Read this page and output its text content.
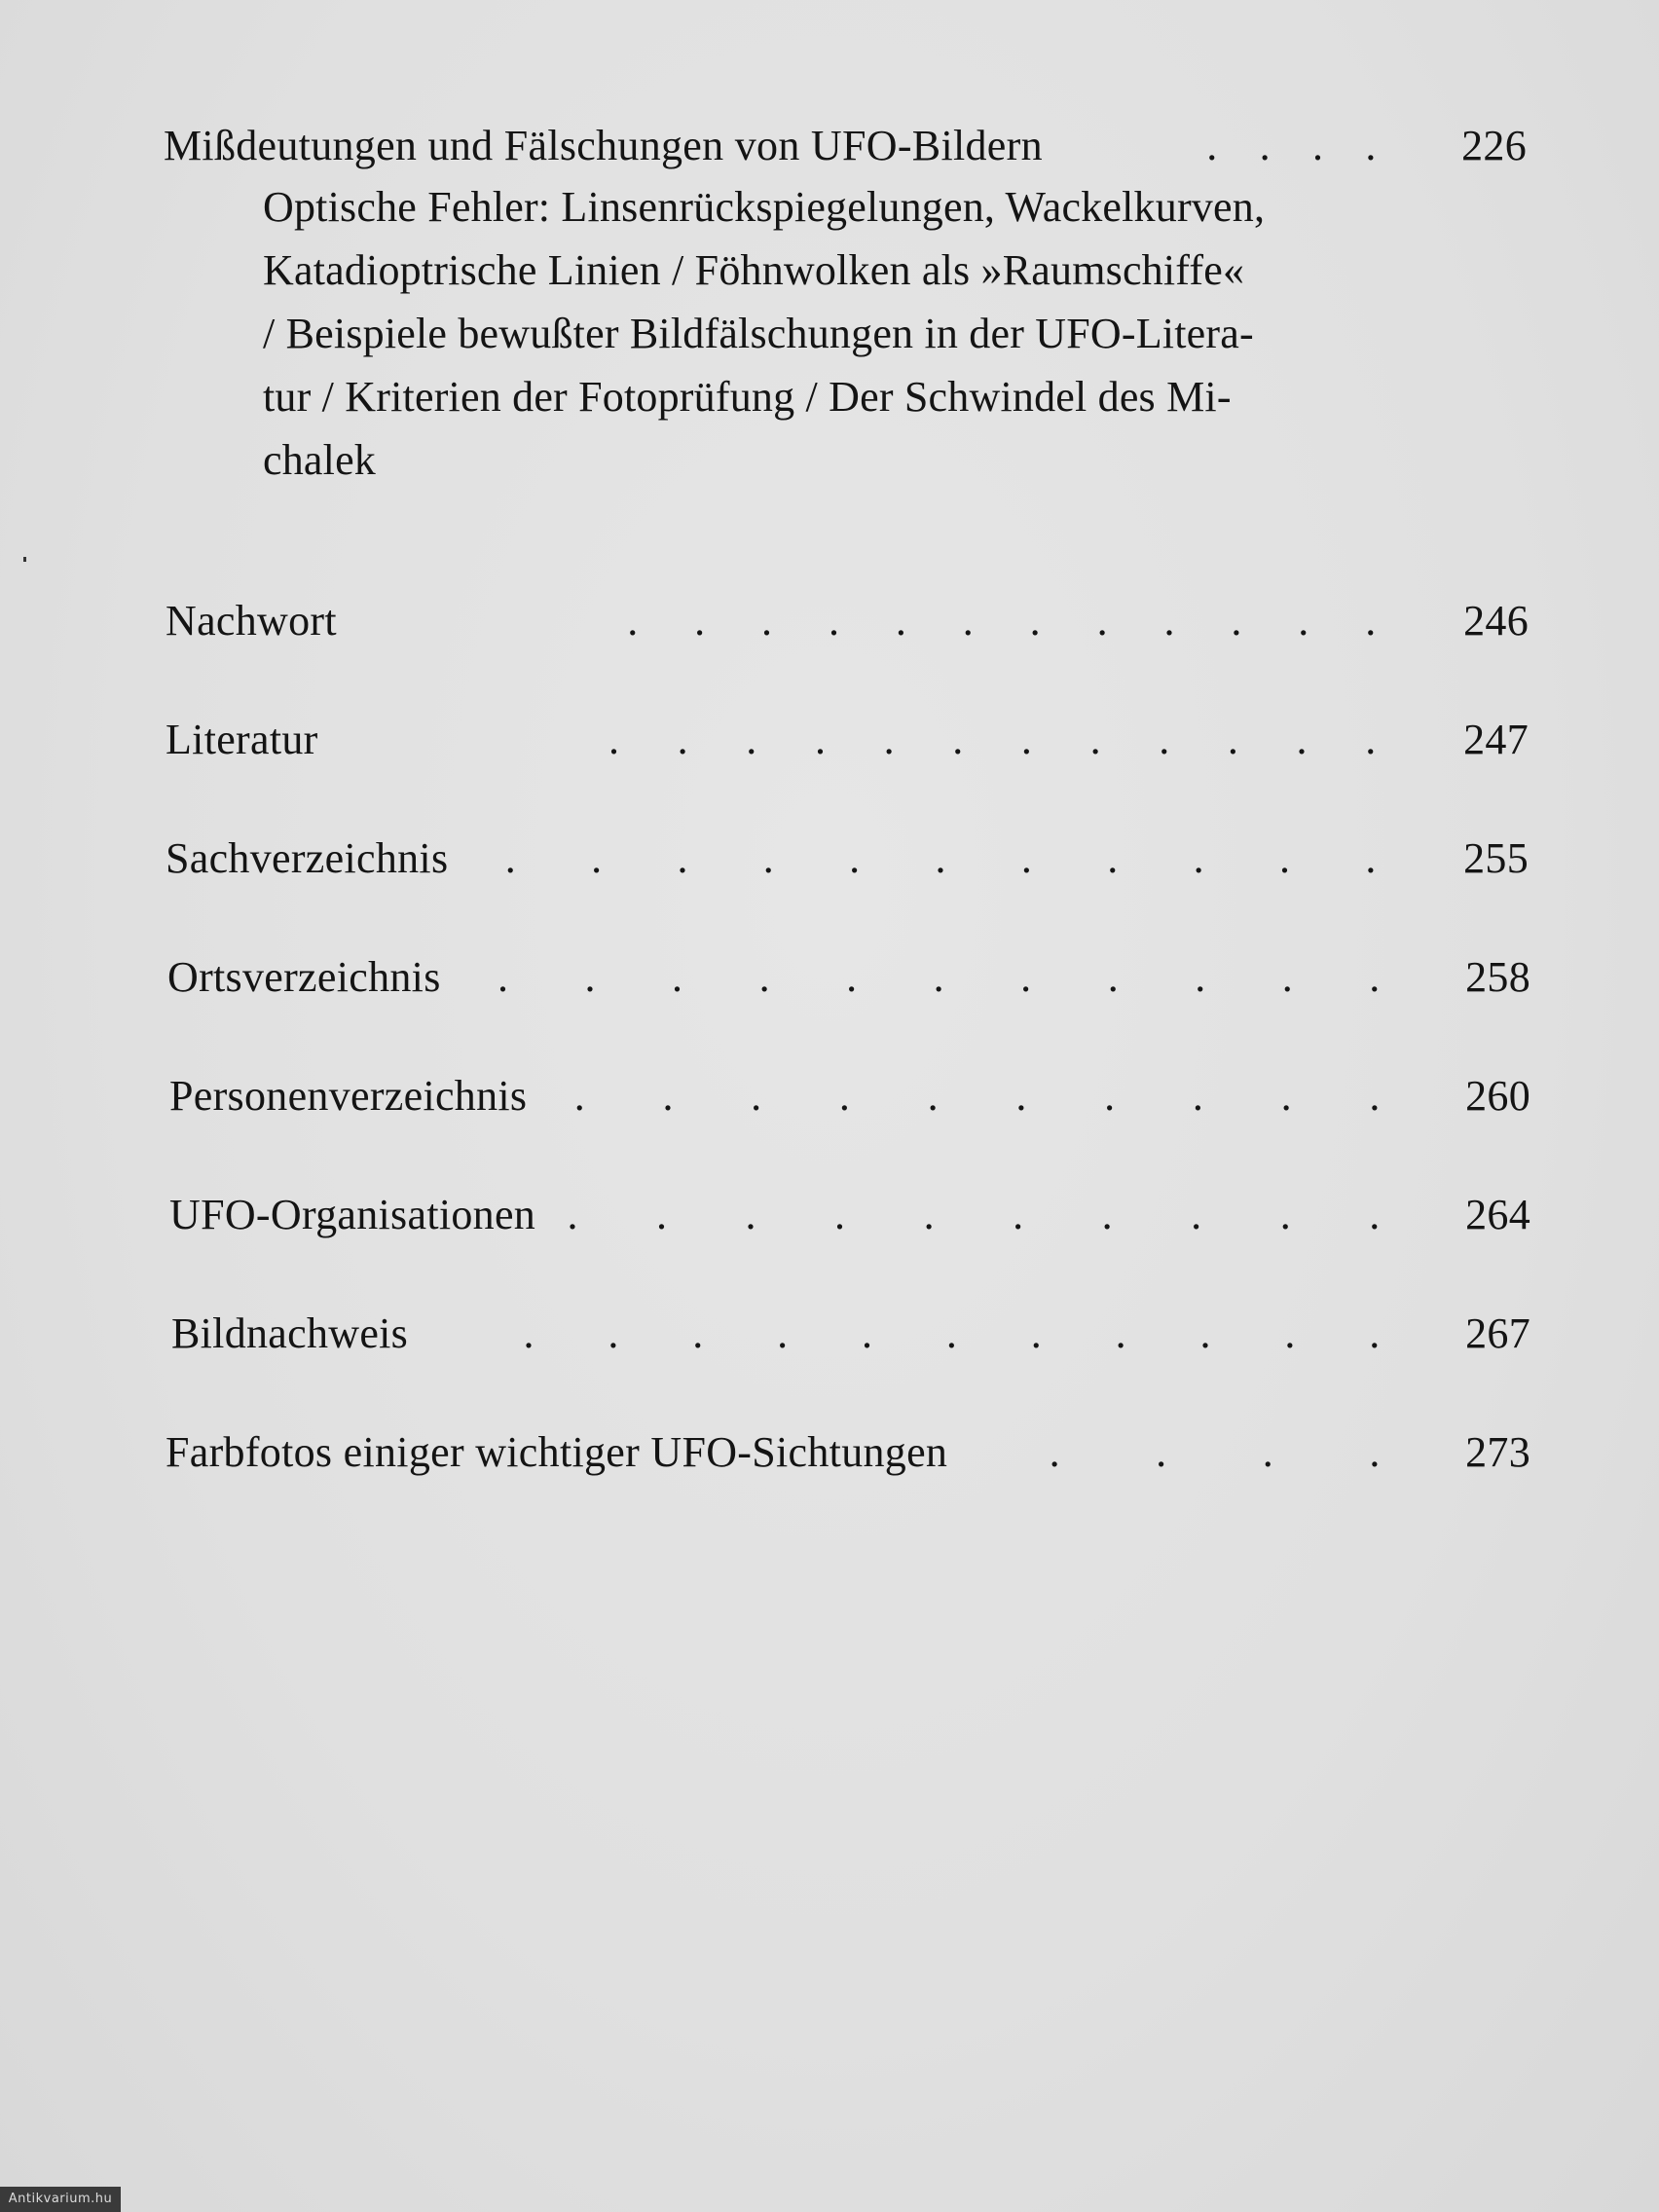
Mißdeutungen und Fälschungen von UFO-Bildern	. . . .	226
Optische Fehler: Linsenrückspiegelungen, Wackelkurven,
Katadioptrische Linien / Föhnwolken als »Raumschiffe«
/ Beispiele bewußter Bildfälschungen in der UFO-Litera-
tur / Kriterien der Fotoprüfung / Der Schwindel des Mi-
chalek
Nachwort	. . . . . . . . . . . .	246
Literatur	. . . . . . . . . . . .	247
Sachverzeichnis	. . . . . . . . . . .	255
Ortsverzeichnis	. . . . . . . . . . .	258
Personenverzeichnis	. . . . . . . . . .	260
UFO-Organisationen . . . . . . . . . .	264
Bildnachweis	. . . . . . . . . . .	267
Farbfotos einiger wichtiger UFO-Sichtungen	. . . .	273
Antikvarium.hu
